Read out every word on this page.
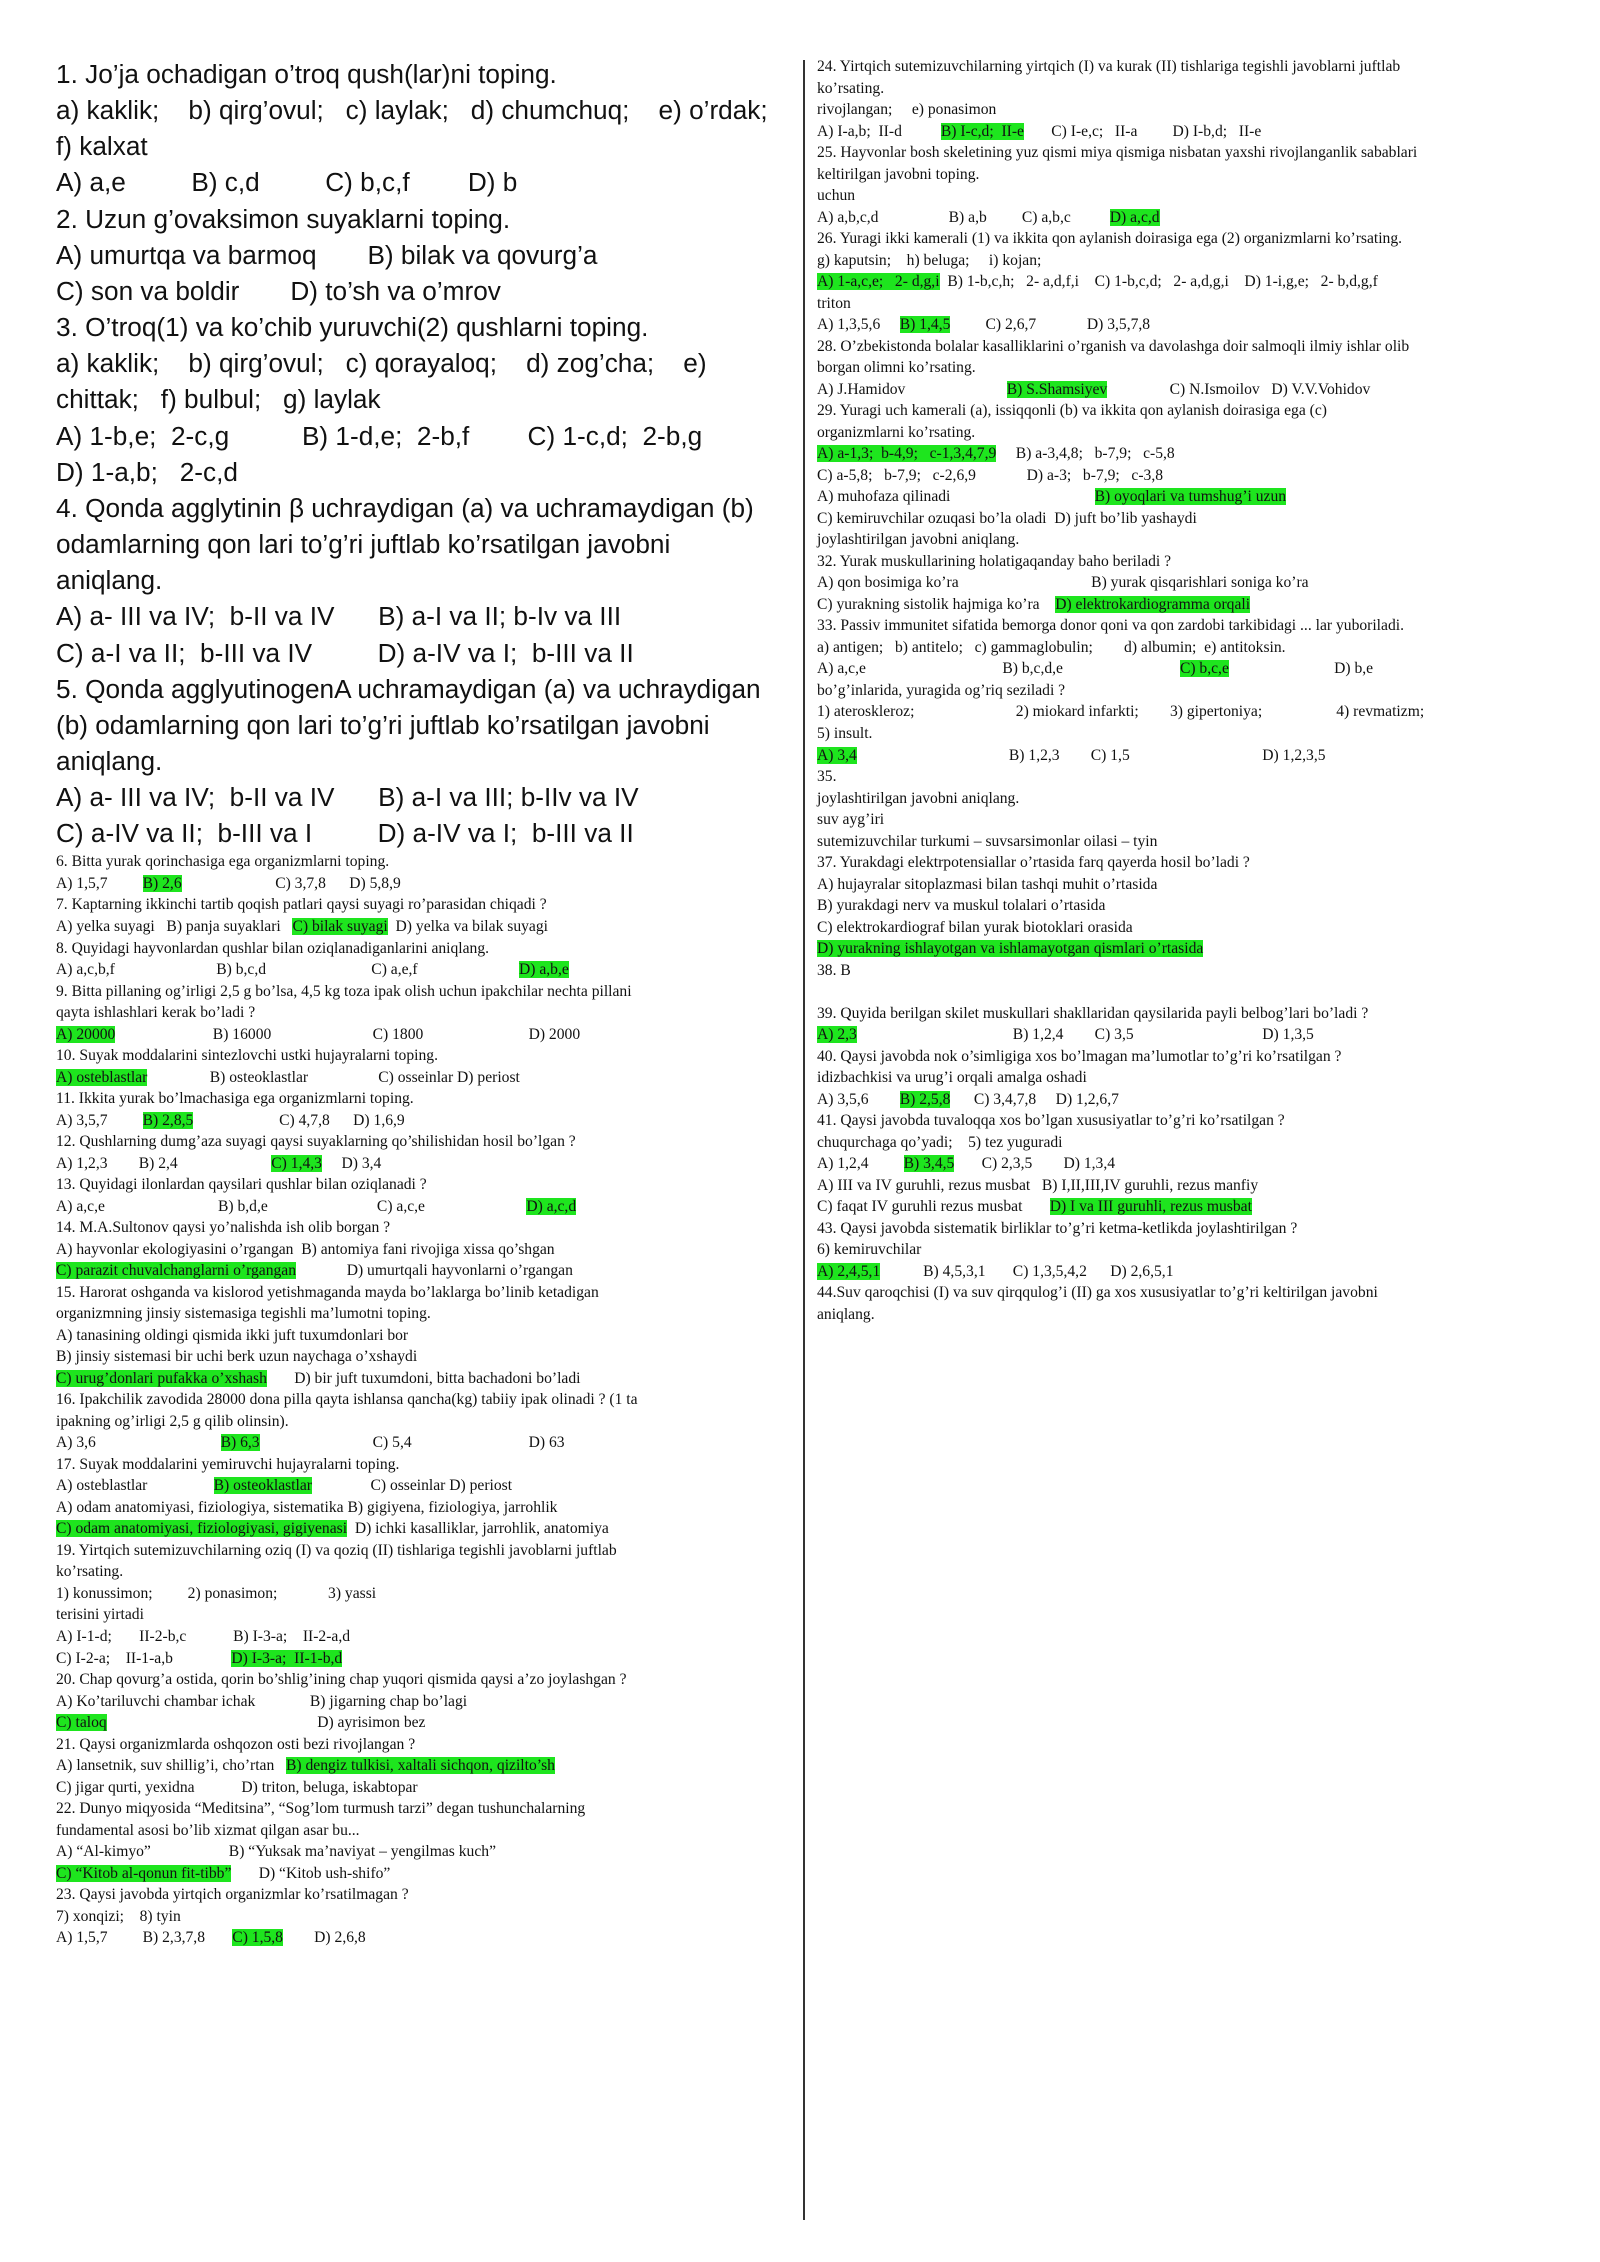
1. Jo’ja ochadigan o’troq qush(lar)ni toping.
a) kaklik;    b) qirg’ovul;   c) laylak;   d) chumchuq;    e) o’rdak;
f) kalxat
A) a,e         B) c,d         C) b,c,f        D) b
2. Uzun g’ovaksimon suyaklarni toping.
A) umurtqa va barmoq       B) bilak va qovurg’a
C) son va boldir       D) to’sh va o’mrov
3. O’troq(1) va ko’chib yuruvchi(2) qushlarni toping.
a) kaklik;    b) qirg’ovul;   c) qorayaloq;    d) zog’cha;    e)
chittak;   f) bulbul;   g) laylak
A) 1-b,e;  2-c,g          B) 1-d,e;  2-b,f        C) 1-c,d;  2-b,g
D) 1-a,b;   2-c,d
4. Qonda agglytinin β uchraydigan (a) va uchramaydigan (b)
odamlarning qon lari to’g’ri juftlab ko’rsatilgan javobni
aniqlang.
A) a- III va IV;  b-II va IV      B) a-I va II; b-Iv va III
C) a-I va II;  b-III va IV         D) a-IV va I;  b-III va II
5. Qonda agglyutinogenA uchramaydigan (a) va uchraydigan
(b) odamlarning qon lari to’g’ri juftlab ko’rsatilgan javobni
aniqlang.
A) a- III va IV;  b-II va IV      B) a-I va III; b-IIv va IV
C) a-IV va II;  b-III va I         D) a-IV va I;  b-III va II
6. Bitta yurak qorinchasiga ega organizmlarni toping.
A) 1,5,7         B) 2,6                        C) 3,7,8      D) 5,8,9
7. Kaptarning ikkinchi tartib qoqish patlari qaysi suyagi ro’parasidan chiqadi ?
A) yelka suyagi   B) panja suyaklari   C) bilak suyagi  D) yelka va bilak suyagi
8. Quyidagi hayvonlardan qushlar bilan oziqlanadiganlarini aniqlang.
A) a,c,b,f                          B) b,c,d                           C) a,e,f                          D) a,b,e
9. Bitta pillaning og’irligi 2,5 g bo’lsa, 4,5 kg toza ipak olish uchun ipakchilar nechta pillani
qayta ishlashlari kerak bo’ladi ?
A) 20000                         B) 16000                          C) 1800                           D) 2000
10. Suyak moddalarini sintezlovchi ustki hujayralarni toping.
A) osteblastlar                B) osteoklastlar                  C) osseinlar D) periost
11. Ikkita yurak bo’lmachasiga ega organizmlarni toping.
A) 3,5,7         B) 2,8,5                      C) 4,7,8      D) 1,6,9
12. Qushlarning dumg’aza suyagi qaysi suyaklarning qo’shilishidan hosil bo’lgan ?
A) 1,2,3        B) 2,4                        C) 1,4,3     D) 3,4
13. Quyidagi ilonlardan qaysilari qushlar bilan oziqlanadi ?
A) a,c,e                             B) b,d,e                            C) a,c,e                          D) a,c,d
14. M.A.Sultonov qaysi yo’nalishda ish olib borgan ?
A) hayvonlar ekologiyasini o’rgangan  B) antomiya fani rivojiga xissa qo’shgan
C) parazit chuvalchanglarni o’rgangan             D) umurtqali hayvonlarni o’rgangan
15. Harorat oshganda va kislorod yetishmaganda mayda bo’laklarga bo’linib ketadigan
organizmning jinsiy sistemasiga tegishli ma’lumotni toping.
A) tanasining oldingi qismida ikki juft tuxumdonlari bor
B) jinsiy sistemasi bir uchi berk uzun naychaga o’xshaydi
C) urug’donlari pufakka o’xshash       D) bir juft tuxumdoni, bitta bachadoni bo’ladi
16. Ipakchilik zavodida 28000 dona pilla qayta ishlansa qancha(kg) tabiiy ipak olinadi ? (1 ta
ipakning og’irligi 2,5 g qilib olinsin).
A) 3,6                                B) 6,3                             C) 5,4                              D) 63
17. Suyak moddalarini yemiruvchi hujayralarni toping.
A) osteblastlar                 B) osteoklastlar               C) osseinlar D) periost
A) odam anatomiyasi, fiziologiya, sistematika B) gigiyena, fiziologiya, jarrohlik
C) odam anatomiyasi, fiziologiyasi, gigiyenasi  D) ichki kasalliklar, jarrohlik, anatomiya
19. Yirtqich sutemizuvchilarning oziq (I) va qoziq (II) tishlariga tegishli javoblarni juftlab
ko’rsating.
1) konussimon;         2) ponasimon;             3) yassi
terisini yirtadi
A) I-1-d;       II-2-b,c            B) I-3-a;    II-2-a,d
C) I-2-a;    II-1-a,b               D) I-3-a;  II-1-b,d
20. Chap qovurg’a ostida, qorin bo’shlig’ining chap yuqori qismida qaysi a’zo joylashgan ?
A) Ko’tariluvchi chambar ichak              B) jigarning chap bo’lagi
C) taloq                                                      D) ayrisimon bez
21. Qaysi organizmlarda oshqozon osti bezi rivojlangan ?
A) lansetnik, suv shillig’i, cho’rtan   B) dengiz tulkisi, xaltali sichqon, qizilto’sh
C) jigar qurti, yexidna            D) triton, beluga, iskabtopar
22. Dunyo miqyosida “Meditsina”, “Sog’lom turmush tarzi” degan tushunchalarning
fundamental asosi bo’lib xizmat qilgan asar bu...
A) “Al-kimyo”                    B) “Yuksak ma’naviyat – yengilmas kuch”
C) “Kitob al-qonun fit-tibb”       D) “Kitob ush-shifo”
23. Qaysi javobda yirtqich organizmlar ko’rsatilmagan ?
7) xonqizi;    8) tyin
A) 1,5,7         B) 2,3,7,8       C) 1,5,8        D) 2,6,8
24. Yirtqich sutemizuvchilarning yirtqich (I) va kurak (II) tishlariga tegishli javoblarni juftlab
ko’rsating.
rivojlangan;     e) ponasimon
A) I-a,b;  II-d          B) I-c,d;  II-e       C) I-e,c;   II-a         D) I-b,d;   II-e
25. Hayvonlar bosh skeletining yuz qismi miya qismiga nisbatan yaxshi rivojlanganlik sabablari
keltirilgan javobni toping.
uchun
A) a,b,c,d                  B) a,b         C) a,b,c          D) a,c,d
26. Yuragi ikki kamerali (1) va ikkita qon aylanish doirasiga ega (2) organizmlarni ko’rsating.
g) kaputsin;    h) beluga;     i) kojan;
A) 1-a,c,e;   2- d,g,i  B) 1-b,c,h;   2- a,d,f,i    C) 1-b,c,d;   2- a,d,g,i    D) 1-i,g,e;   2- b,d,g,f
triton
A) 1,3,5,6     B) 1,4,5         C) 2,6,7             D) 3,5,7,8
28. O’zbekistonda bolalar kasalliklarini o’rganish va davolashga doir salmoqli ilmiy ishlar olib
borgan olimni ko’rsating.
A) J.Hamidov                          B) S.Shamsiyev                C) N.Ismoilov   D) V.V.Vohidov
29. Yuragi uch kamerali (a), issiqqonli (b) va ikkita qon aylanish doirasiga ega (c)
organizmlarni ko’rsating.
A) a-1,3;  b-4,9;   c-1,3,4,7,9     B) a-3,4,8;   b-7,9;   c-5,8
C) a-5,8;   b-7,9;   c-2,6,9             D) a-3;   b-7,9;   c-3,8
A) muhofaza qilinadi                                     B) oyoqlari va tumshug’i uzun
C) kemiruvchilar ozuqasi bo’la oladi  D) juft bo’lib yashaydi
joylashtirilgan javobni aniqlang.
32. Yurak muskullarining holatigaqanday baho beriladi ?
A) qon bosimiga ko’ra                                  B) yurak qisqarishlari soniga ko’ra
C) yurakning sistolik hajmiga ko’ra    D) elektrokardiogramma orqali
33. Passiv immunitet sifatida bemorga donor qoni va qon zardobi tarkibidagi ... lar yuboriladi.
a) antigen;   b) antitelo;   c) gammaglobulin;        d) albumin;  e) antitoksin.
A) a,c,e                                   B) b,c,d,e                              C) b,c,e                           D) b,e
bo’g’inlarida, yuragida og’riq seziladi ?
1) ateroskleroz;                          2) miokard infarkti;        3) gipertoniya;                   4) revmatizm;
5) insult.
A) 3,4                                       B) 1,2,3        C) 1,5                                  D) 1,2,3,5
35.
joylashtirilgan javobni aniqlang.
suv ayg’iri
sutemizuvchilar turkumi – suvsarsimonlar oilasi – tyin
37. Yurakdagi elektrpotensiallar o’rtasida farq qayerda hosil bo’ladi ?
A) hujayralar sitoplazmasi bilan tashqi muhit o’rtasida
B) yurakdagi nerv va muskul tolalari o’rtasida
C) elektrokardiograf bilan yurak biotoklari orasida
D) yurakning ishlayotgan va ishlamayotgan qismlari o’rtasida
38. B

39. Quyida berilgan skilet muskullari shakllaridan qaysilarida payli belbog’lari bo’ladi ?
A) 2,3                                        B) 1,2,4        C) 3,5                                 D) 1,3,5
40. Qaysi javobda nok o’simligiga xos bo’lmagan ma’lumotlar to’g’ri ko’rsatilgan ?
idizbachkisi va urug’i orqali amalga oshadi
A) 3,5,6        B) 2,5,8      C) 3,4,7,8     D) 1,2,6,7
41. Qaysi javobda tuvaloqqa xos bo’lgan xususiyatlar to’g’ri ko’rsatilgan ?
chuqurchaga qo’yadi;    5) tez yuguradi
A) 1,2,4         B) 3,4,5       C) 2,3,5        D) 1,3,4
A) III va IV guruhli, rezus musbat   B) I,II,III,IV guruhli, rezus manfiy
C) faqat IV guruhli rezus musbat       D) I va III guruhli, rezus musbat
43. Qaysi javobda sistematik birliklar to’g’ri ketma-ketlikda joylashtirilgan ?
6) kemiruvchilar
A) 2,4,5,1           B) 4,5,3,1       C) 1,3,5,4,2      D) 2,6,5,1
44.Suv qaroqchisi (I) va suv qirqqulog’i (II) ga xos xususiyatlar to’g’ri keltirilgan javobni
aniqlang.
